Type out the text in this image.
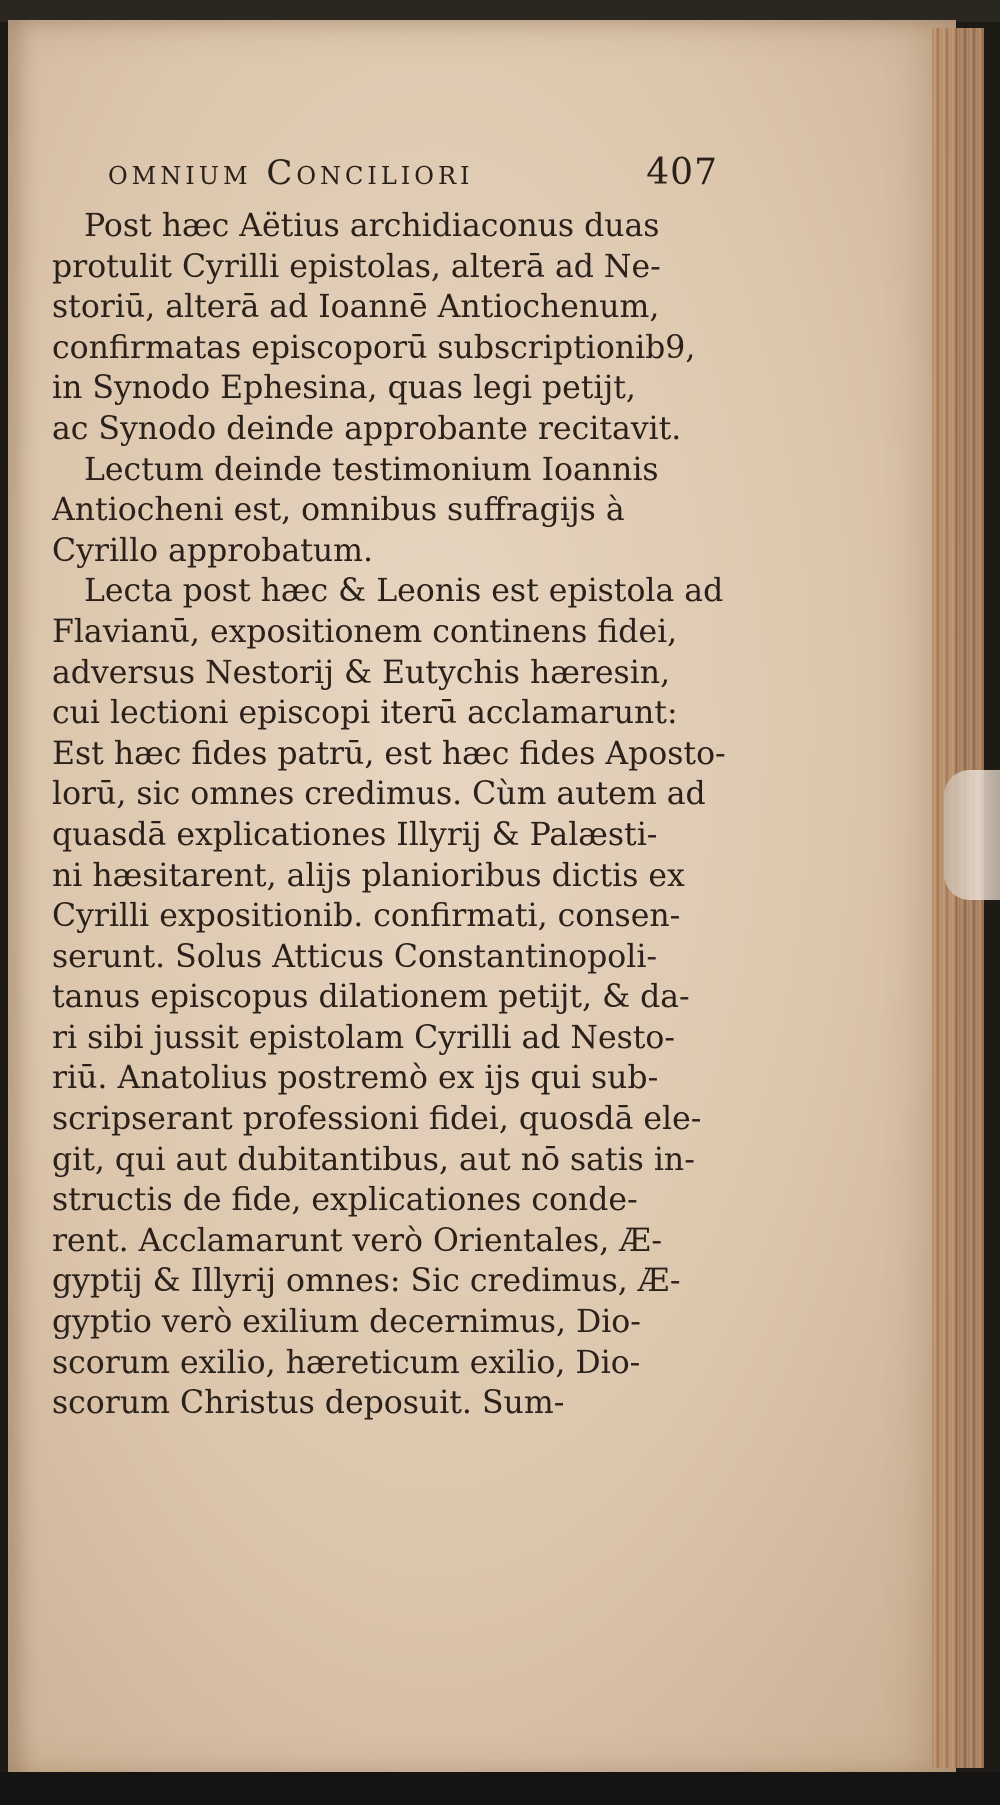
omnium Conciliori	407

Post hæc Aëtius archidiaconus duas
protulit Cyrilli epistolas, alterā ad Ne-
storiū, alterā ad Ioannē Antiochenum,
confirmatas episcoporū subscriptionib9,
in Synodo Ephesina, quas legi petijt,
ac Synodo deinde approbante recitavit.

Lectum deinde testimonium Ioannis
Antiocheni est, omnibus suffragijs à
Cyrillo approbatum.

Lecta post hæc & Leonis est epistola ad
Flavianū, expositionem continens fidei,
adversus Nestorij & Eutychis hæresin,
cui lectioni episcopi iterū acclamarunt:
Est hæc fides patrū, est hæc fides Aposto-
lorū, sic omnes credimus. Cùm autem ad
quasdā explicationes Illyrij & Palæsti-
ni hæsitarent, alijs planioribus dictis ex
Cyrilli expositionib. confirmati, consen-
serunt. Solus Atticus Constantinopoli-
tanus episcopus dilationem petijt, & da-
ri sibi jussit epistolam Cyrilli ad Nesto-
riū. Anatolius postremò ex ijs qui sub-
scripserant professioni fidei, quosdā ele-
git, qui aut dubitantibus, aut nō satis in-
structis de fide, explicationes conde-
rent. Acclamarunt verò Orientales, Æ-
gyptij & Illyrij omnes: Sic credimus, Æ-
gyptio verò exilium decernimus, Dio-
scorum exilio, hæreticum exilio, Dio-
scorum Christus deposuit. Sum-
